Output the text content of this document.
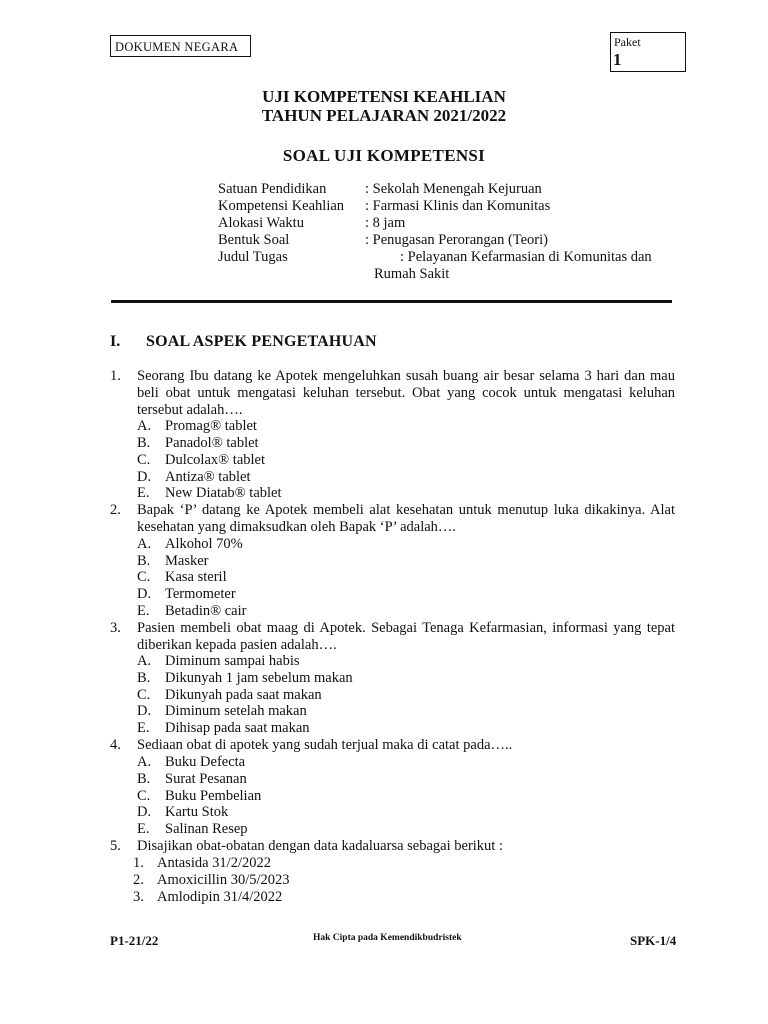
DOKUMEN NEGARA	Paket
1
UJI KOMPETENSI KEAHLIAN
TAHUN PELAJARAN 2021/2022
SOAL UJI KOMPETENSI
Satuan Pendidikan	: Sekolah Menengah Kejuruan
Kompetensi Keahlian : Farmasi Klinis dan Komunitas
Alokasi Waktu	: 8 jam
Bentuk Soal	: Penugasan Perorangan (Teori)
Judul Tugas	: Pelayanan Kefarmasian di Komunitas dan
Rumah Sakit
I. SOAL ASPEK PENGETAHUAN
1. Seorang Ibu datang ke Apotek mengeluhkan susah buang air besar selama 3 hari dan mau beli obat untuk mengatasi keluhan tersebut. Obat yang cocok untuk mengatasi keluhan tersebut adalah….
A. Promag® tablet
B. Panadol® tablet
C. Dulcolax® tablet
D. Antiza® tablet
E. New Diatab® tablet
2. Bapak ‘P’ datang ke Apotek membeli alat kesehatan untuk menutup luka dikakinya. Alat kesehatan yang dimaksudkan oleh Bapak ‘P’ adalah….
A. Alkohol 70%
B. Masker
C. Kasa steril
D. Termometer
E. Betadin® cair
3. Pasien membeli obat maag di Apotek. Sebagai Tenaga Kefarmasian, informasi yang tepat diberikan kepada pasien adalah….
A. Diminum sampai habis
B. Dikunyah 1 jam sebelum makan
C. Dikunyah pada saat makan
D. Diminum setelah makan
E. Dihisap pada saat makan
4. Sediaan obat di apotek yang sudah terjual maka di catat pada…..
A. Buku Defecta
B. Surat Pesanan
C. Buku Pembelian
D. Kartu Stok
E. Salinan Resep
5. Disajikan obat-obatan dengan data kadaluarsa sebagai berikut :
1. Antasida 31/2/2022
2. Amoxicillin 30/5/2023
3. Amlodipin 31/4/2022
P1-21/22	Hak Cipta pada Kemendikbudristek	SPK-1/4
